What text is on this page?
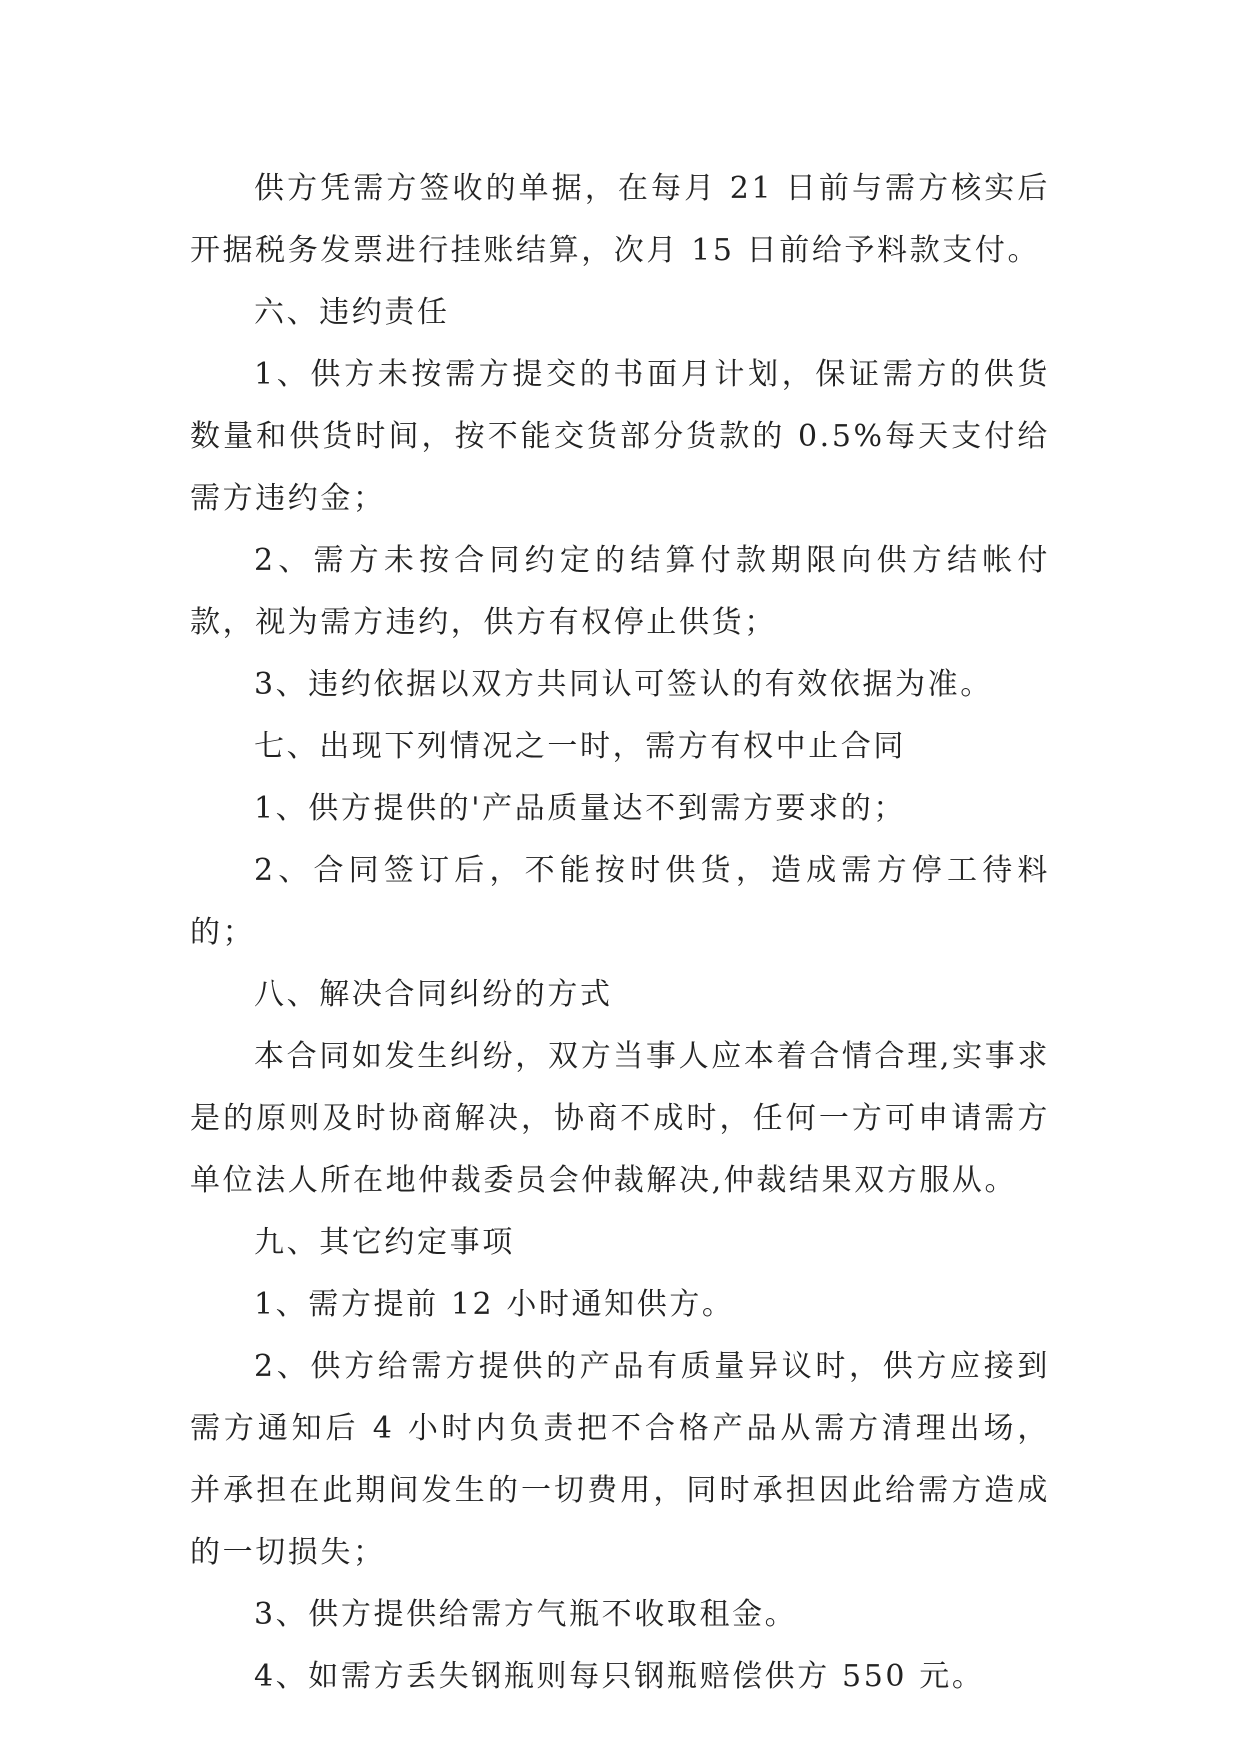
供方凭需方签收的单据，在每月 21 日前与需方核实后开据税务发票进行挂账结算，次月 15 日前给予料款支付。

六、违约责任

1、供方未按需方提交的书面月计划，保证需方的供货数量和供货时间，按不能交货部分货款的 0.5%每天支付给需方违约金；

2、需方未按合同约定的结算付款期限向供方结帐付款，视为需方违约，供方有权停止供货；

3、违约依据以双方共同认可签认的有效依据为准。

七、出现下列情况之一时，需方有权中止合同

1、供方提供的'产品质量达不到需方要求的；

2、合同签订后，不能按时供货，造成需方停工待料的；

八、解决合同纠纷的方式

本合同如发生纠纷，双方当事人应本着合情合理,实事求是的原则及时协商解决，协商不成时，任何一方可申请需方单位法人所在地仲裁委员会仲裁解决,仲裁结果双方服从。

九、其它约定事项

1、需方提前 12 小时通知供方。

2、供方给需方提供的产品有质量异议时，供方应接到需方通知后 4 小时内负责把不合格产品从需方清理出场，并承担在此期间发生的一切费用，同时承担因此给需方造成的一切损失；

3、供方提供给需方气瓶不收取租金。

4、如需方丢失钢瓶则每只钢瓶赔偿供方 550 元。
